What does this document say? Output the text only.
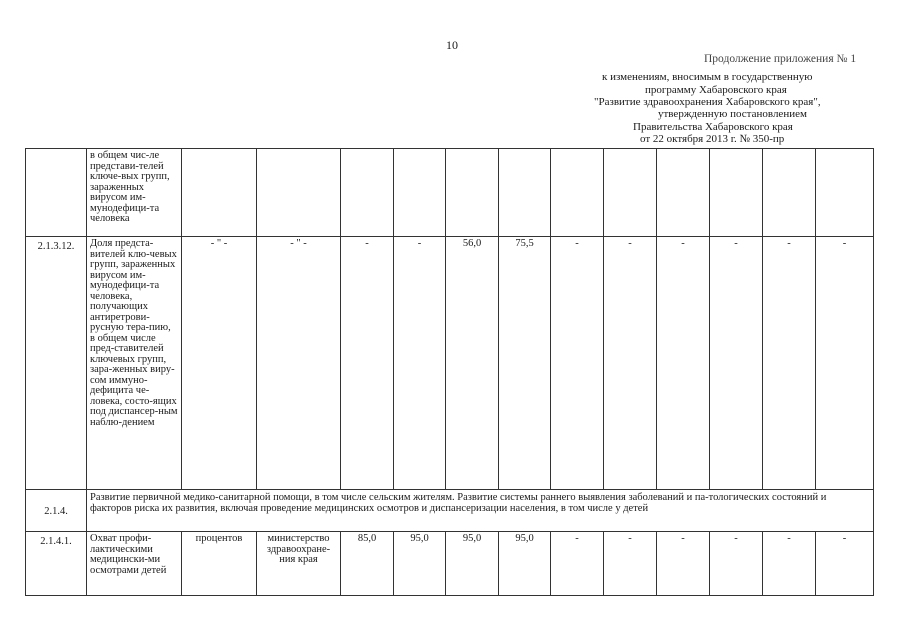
10
Продолжение приложения № 1
к изменениям, вносимым в государственную
программу Хабаровского края
"Развитие здравоохранения Хабаровского края",
утвержденную постановлением
Правительства Хабаровского края
от 22 октября 2013 г. № 350-пр
	в общем чис-ле представи-телей ключе-вых групп, зараженных вирусом им-мунодефици-та человека												
2.1.3.12.	Доля предста-вителей клю-чевых групп, зараженных вирусом им-мунодефици-та человека, получающих антиретрови-русную тера-пию, в общем числе пред-ставителей ключевых групп, зара-женных виру-сом иммуно-дефицита че-ловека, состо-ящих под диспансер-ным наблю-дением	- " -	- " -	-	-	56,0	75,5	-	-	-	-	-	-
2.1.4.	Развитие первичной медико-санитарной помощи, в том числе сельским жителям. Развитие системы раннего выявления заболеваний и па-тологических состояний и факторов риска их развития, включая проведение медицинских осмотров и диспансеризации населения, в том числе у детей												
2.1.4.1.	Охват профи-лактическими медицински-ми осмотрами детей	процентов	министерство здравоохране-ния края	85,0	95,0	95,0	95,0	-	-	-	-	-	-
